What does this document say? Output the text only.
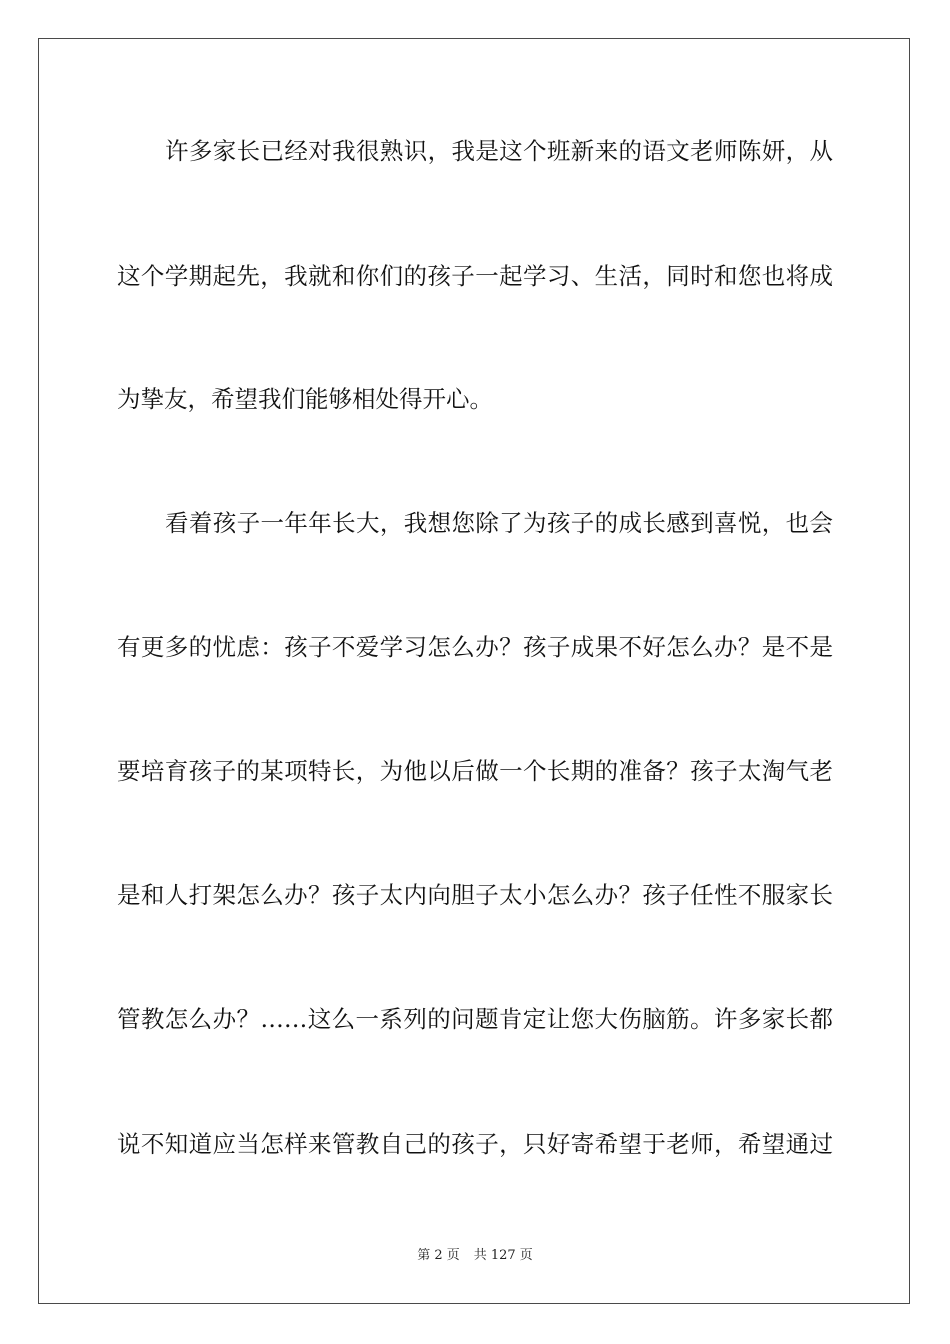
许多家长已经对我很熟识，我是这个班新来的语文老师陈妍，从
这个学期起先，我就和你们的孩子一起学习、生活，同时和您也将成
为挚友，希望我们能够相处得开心。
看着孩子一年年长大，我想您除了为孩子的成长感到喜悦，也会
有更多的忧虑：孩子不爱学习怎么办？孩子成果不好怎么办？是不是
要培育孩子的某项特长，为他以后做一个长期的准备？孩子太淘气老
是和人打架怎么办？孩子太内向胆子太小怎么办？孩子任性不服家长
管教怎么办？……这么一系列的问题肯定让您大伤脑筋。许多家长都
说不知道应当怎样来管教自己的孩子，只好寄希望于老师，希望通过
第 2 页 共 127 页
